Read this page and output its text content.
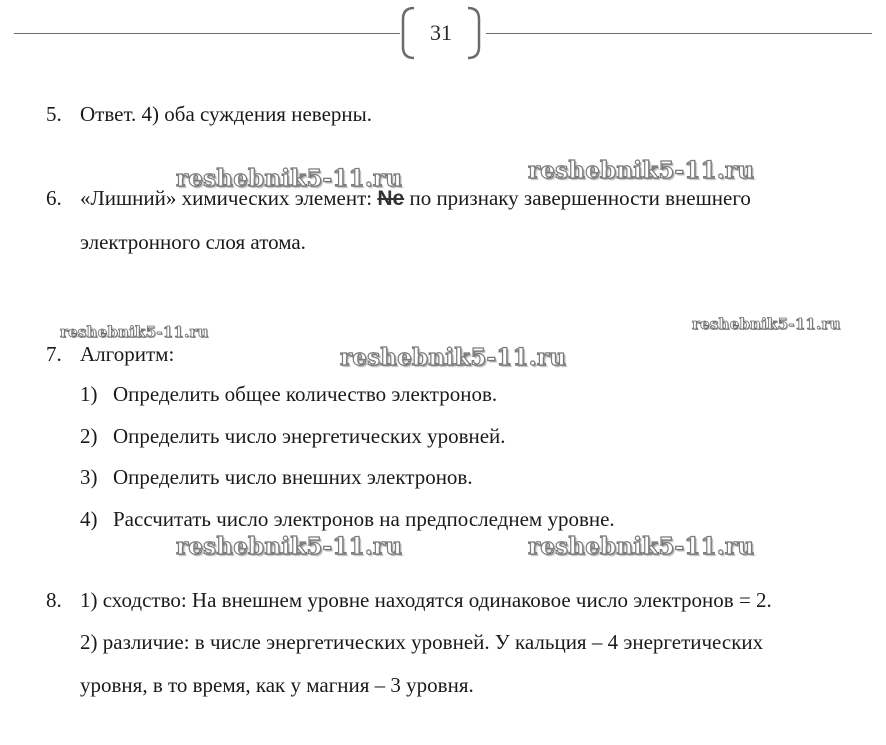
31
5. Ответ. 4) оба суждения неверны.
reshebnik5-11.ru	reshebnik5-11.ru
6. «Лишний» химических элемент: Ne по признаку завершенности внешнего
электронного слоя атома.
reshebnik5-11.ru	reshebnik5-11.ru
7. Алгоритм:	reshebnik5-11.ru
1) Определить общее количество электронов.
2) Определить число энергетических уровней.
3) Определить число внешних электронов.
4) Рассчитать число электронов на предпоследнем уровне.
reshebnik5-11.ru	reshebnik5-11.ru
8. 1) сходство: На внешнем уровне находятся одинаковое число электронов = 2.
2) различие: в числе энергетических уровней. У кальция – 4 энергетических
уровня, в то время, как у магния – 3 уровня.
